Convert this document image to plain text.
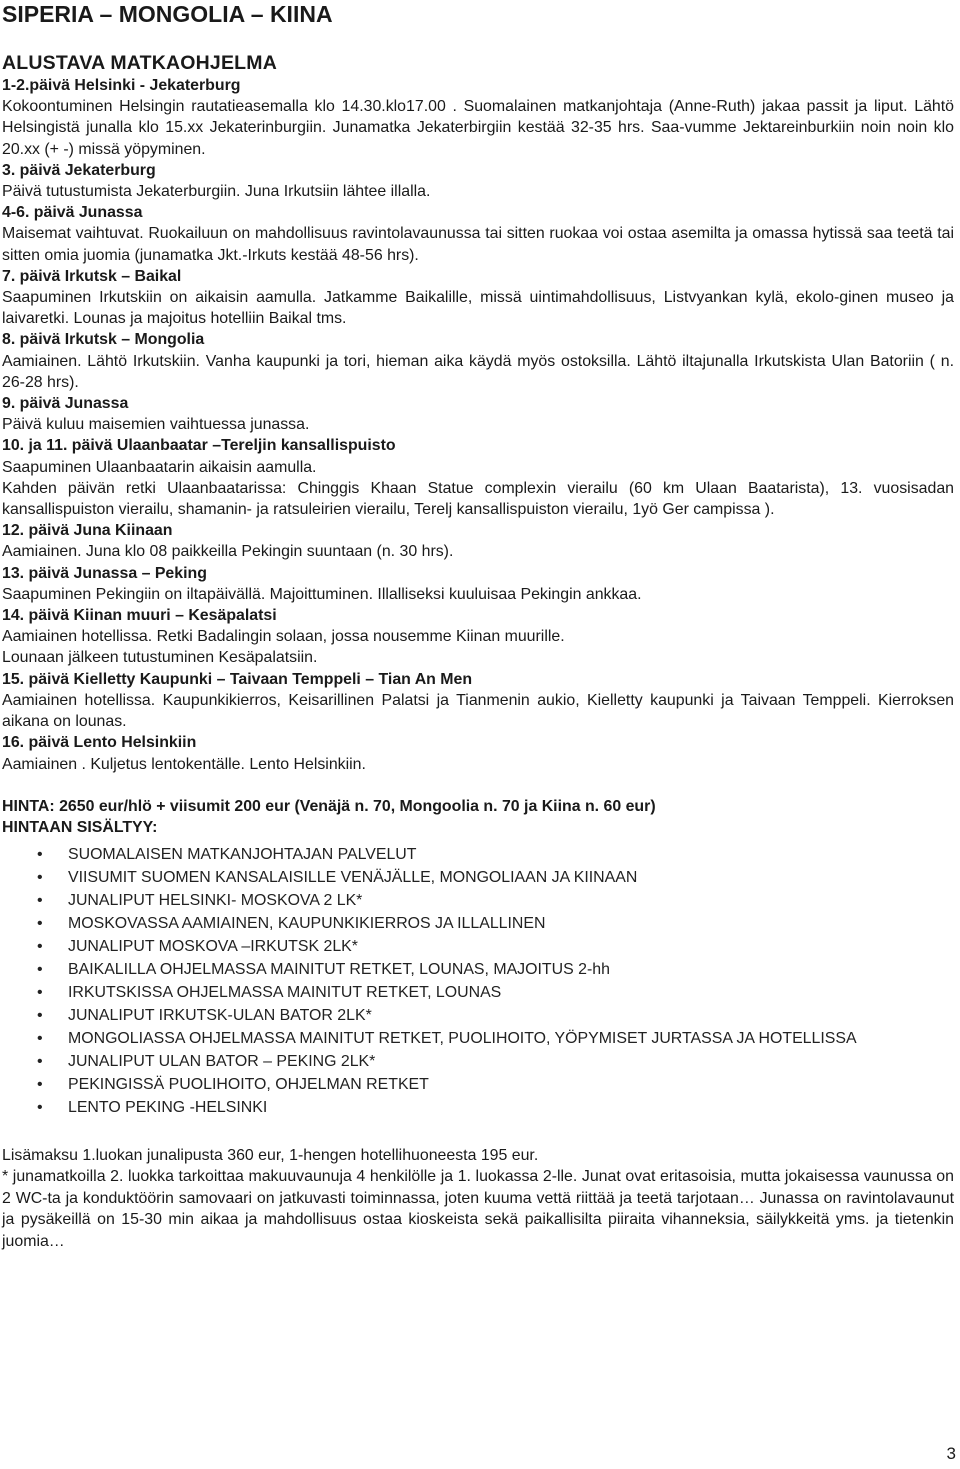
SIPERIA – MONGOLIA – KIINA
ALUSTAVA MATKAOHJELMA

1-2.päivä Helsinki - Jekaterburg

Kokoontuminen Helsingin rautatieasemalla klo 14.30.klo17.00 . Suomalainen matkanjohtaja (Anne-Ruth) jakaa passit ja liput. Lähtö Helsingistä junalla klo 15.xx Jekaterinburgiin. Junamatka Jekaterbirgiin kestää 32-35 hrs. Saa-vumme Jektareinburkiin noin noin klo 20.xx (+ -) missä yöpyminen.

3. päivä Jekaterburg

Päivä tutustumista Jekaterburgiin. Juna Irkutsiin lähtee illalla.

4-6. päivä Junassa

Maisemat vaihtuvat. Ruokailuun on mahdollisuus ravintolavaunussa tai sitten ruokaa voi ostaa asemilta ja omassa hytissä saa teetä tai sitten omia juomia (junamatka Jkt.-Irkuts kestää 48-56 hrs).

7. päivä Irkutsk – Baikal

Saapuminen Irkutskiin on aikaisin aamulla. Jatkamme Baikalille, missä uintimahdollisuus, Listvyankan kylä, ekolo-ginen museo ja laivaretki. Lounas ja majoitus hotelliin Baikal tms.

8. päivä Irkutsk – Mongolia

Aamiainen. Lähtö Irkutskiin. Vanha kaupunki ja tori, hieman aika käydä myös ostoksilla. Lähtö iltajunalla Irkutskista Ulan Batoriin ( n. 26-28 hrs).

9. päivä Junassa

Päivä kuluu maisemien vaihtuessa junassa.

10. ja 11. päivä Ulaanbaatar –Tereljin kansallispuisto

Saapuminen Ulaanbaatarin aikaisin aamulla.

Kahden päivän retki Ulaanbaatarissa: Chinggis Khaan Statue complexin vierailu (60 km Ulaan Baatarista), 13. vuosisadan kansallispuiston vierailu, shamanin- ja ratsuleirien vierailu, Terelj kansallispuiston vierailu, 1yö Ger campissa ).

12. päivä Juna Kiinaan

Aamiainen. Juna klo 08 paikkeilla Pekingin suuntaan (n. 30 hrs).

13. päivä Junassa – Peking

Saapuminen Pekingiin on iltapäivällä. Majoittuminen. Illalliseksi kuuluisaa Pekingin ankkaa.

14. päivä Kiinan muuri – Kesäpalatsi

Aamiainen hotellissa. Retki Badalingin solaan, jossa nousemme Kiinan muurille.

Lounaan jälkeen tutustuminen Kesäpalatsiin.

15. päivä Kielletty Kaupunki – Taivaan Temppeli – Tian An Men

Aamiainen hotellissa. Kaupunkikierros, Keisarillinen Palatsi ja Tianmenin aukio, Kielletty kaupunki ja Taivaan Temppeli. Kierroksen aikana on lounas.

16. päivä Lento Helsinkiin

Aamiainen . Kuljetus lentokentälle. Lento Helsinkiin.

HINTA: 2650 eur/hlö + viisumit 200 eur (Venäjä n. 70, Mongoolia n. 70 ja Kiina n. 60 eur)
HINTAAN SISÄLTYY:
• SUOMALAISEN MATKANJOHTAJAN PALVELUT
• VIISUMIT SUOMEN KANSALAISILLE VENÄJÄLLE, MONGOLIAAN JA KIINAAN
• JUNALIPUT HELSINKI- MOSKOVA 2 LK*
• MOSKOVASSA AAMIAINEN, KAUPUNKIKIERROS JA ILLALLINEN
• JUNALIPUT MOSKOVA –IRKUTSK 2LK*
• BAIKALILLA OHJELMASSA MAINITUT RETKET, LOUNAS, MAJOITUS 2-hh
• IRKUTSKISSA OHJELMASSA MAINITUT RETKET, LOUNAS
• JUNALIPUT IRKUTSK-ULAN BATOR 2LK*
• MONGOLIASSA OHJELMASSA MAINITUT RETKET, PUOLIHOITO, YÖPYMISET JURTASSA JA HOTELLISSA
• JUNALIPUT ULAN BATOR – PEKING 2LK*
• PEKINGISSÄ PUOLIHOITO, OHJELMAN RETKET
• LENTO PEKING -HELSINKI

Lisämaksu 1.luokan junalipusta 360 eur, 1-hengen hotellihuoneesta 195 eur.

* junamatkoilla 2. luokka tarkoittaa makuuvaunuja 4 henkilölle ja 1. luokassa 2-lle. Junat ovat eritasoisia, mutta jokaisessa vaunussa on 2 WC-ta ja konduktöörin samovaari on jatkuvasti toiminnassa, joten kuuma vettä riittää ja teetä tarjotaan… Junassa on ravintolavaunut ja pysäkeillä on 15-30 min aikaa ja mahdollisuus ostaa kioskeista sekä paikallisilta piiraita vihanneksia, säilykkeitä yms. ja tietenkin juomia…

3
